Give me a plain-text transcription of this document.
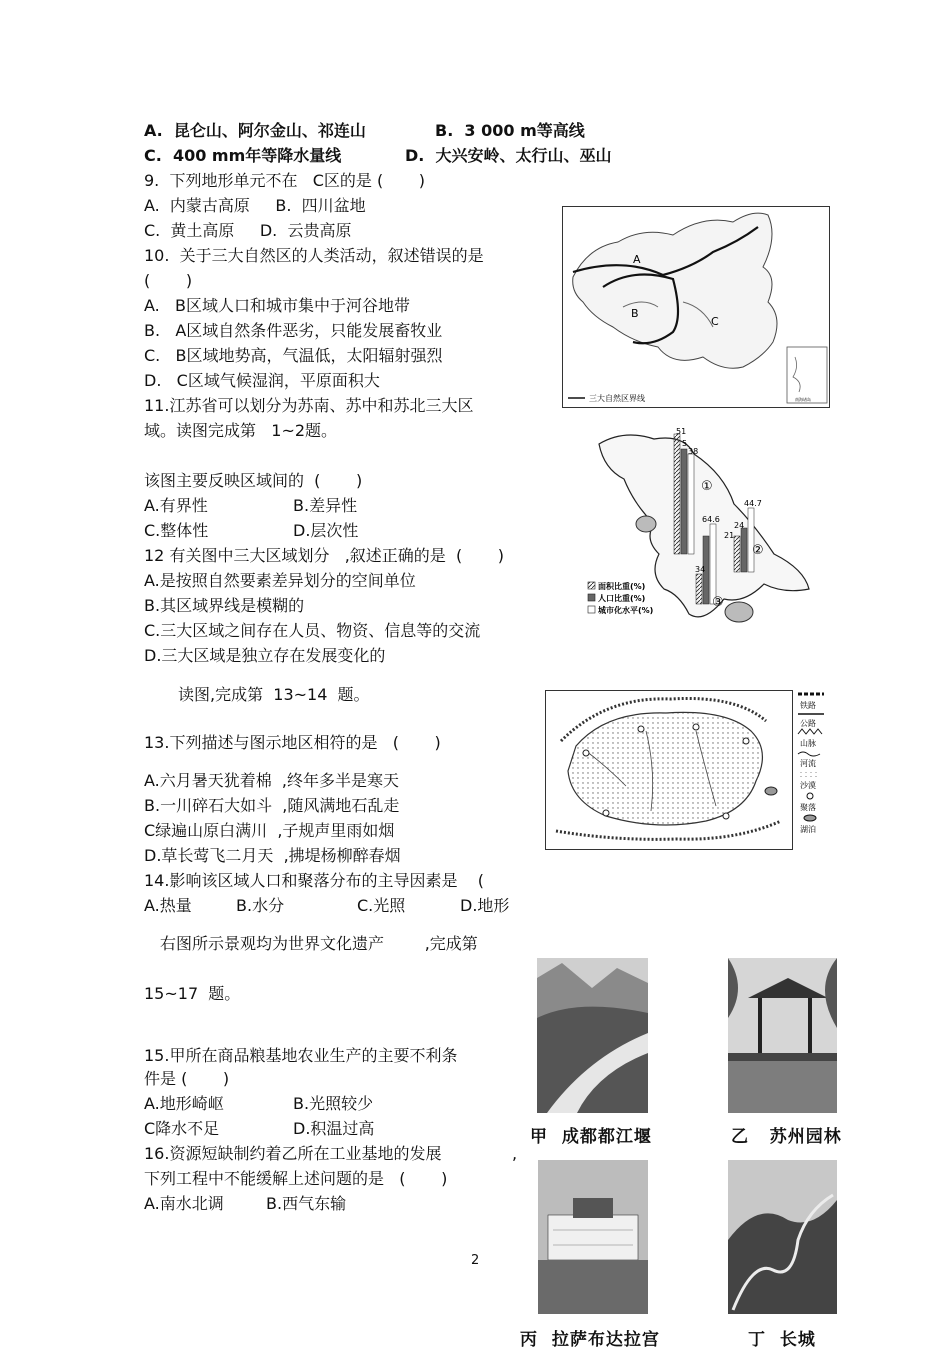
A.  昆仑山、阿尔金山、祁连山	B.  3 000 m等高线
C.  400 mm年等降水量线	D.  大兴安岭、太行山、巫山
9.  下列地形单元不在   C区的是 (       )
A.  内蒙古高原     B.  四川盆地
C.  黄土高原     D.  云贵高原
10.  关于三大自然区的人类活动，叙述错误的是
(       )
A.   B区域人口和城市集中于河谷地带
B.   A区域自然条件恶劣，只能发展畜牧业
C.   B区域地势高，气温低，太阳辐射强烈
D.   C区域气候湿润，平原面积大
11.江苏省可以划分为苏南、苏中和苏北三大区
域。读图完成第   1~2题。
该图主要反映区域间的  (       )
A.有界性	B.差异性
C.整体性	D.层次性
12 有关图中三大区域划分   ,叙述正确的是  (       )
A.是按照自然要素差异划分的空间单位
B.其区域界线是模糊的
C.三大区域之间存在人员、物资、信息等的交流
D.三大区域是独立存在发展变化的
读图,完成第  13~14  题。
13.下列描述与图示地区相符的是   (       )
A.六月暑天犹着棉  ,终年多半是寒天
B.一川碎石大如斗  ,随风满地石乱走
C绿遍山原白满川  ,子规声里雨如烟
D.草长莺飞二月天  ,拂堤杨柳醉春烟
14.影响该区域人口和聚落分布的主导因素是    (
A.热量	B.水分	C.光照	D.地形
右图所示景观均为世界文化遗产        ,完成第
15~17  题。
15.甲所在商品粮基地农业生产的主要不利条
件是 (       )
A.地形崎岖	B.光照较少
C降水不足	D.积温过高
16.资源短缺制约着乙所在工业基地的发展	,
下列工程中不能缓解上述问题的是   (       )
A.南水北调	B.西气东输
2
A
B
C
三大自然区界线	南海诸岛
51
5
38
44.7
24
21
64.6
34
①
②
③
面积比重(%)
人口比重(%)
城市化水平(%)
铁路
公路
山脉
河流
沙漠
聚落
湖泊
甲  成都都江堰	乙   苏州园林
丙  拉萨布达拉宫	丁  长城
